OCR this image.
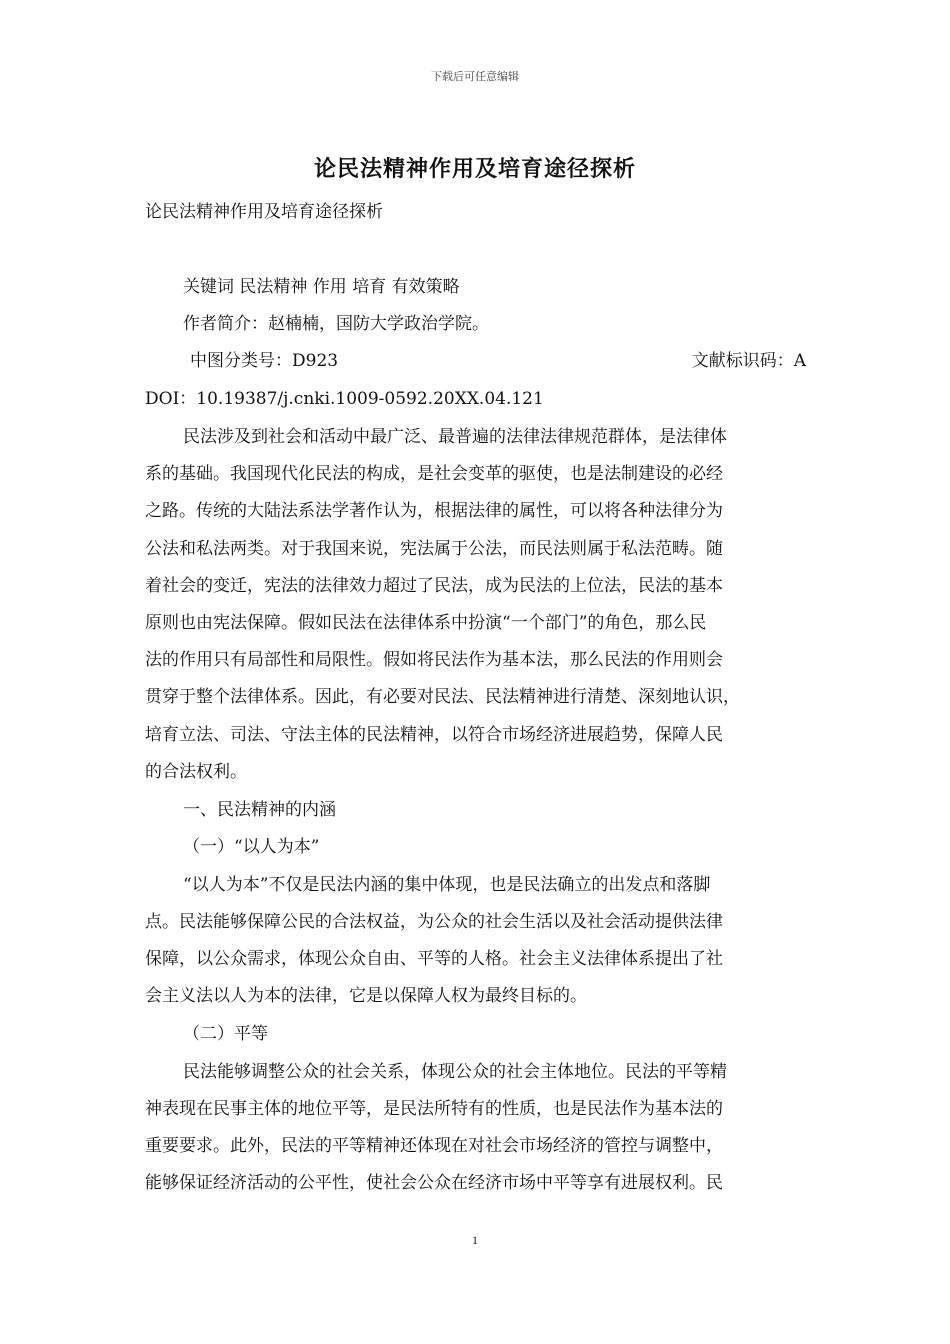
下载后可任意编辑
论民法精神作用及培育途径探析
论民法精神作用及培育途径探析
关键词 民法精神 作用 培育 有效策略
作者简介：赵楠楠，国防大学政治学院。
中图分类号：D923	文献标识码：A
DOI：10.19387/j.cnki.1009-0592.20XX.04.121
民法涉及到社会和活动中最广泛、最普遍的法律法律规范群体，是法律体
系的基础。我国现代化民法的构成，是社会变革的驱使，也是法制建设的必经
之路。传统的大陆法系法学著作认为，根据法律的属性，可以将各种法律分为
公法和私法两类。对于我国来说，宪法属于公法，而民法则属于私法范畴。随
着社会的变迁，宪法的法律效力超过了民法，成为民法的上位法，民法的基本
原则也由宪法保障。假如民法在法律体系中扮演“一个部门”的角色，那么民
法的作用只有局部性和局限性。假如将民法作为基本法，那么民法的作用则会
贯穿于整个法律体系。因此，有必要对民法、民法精神进行清楚、深刻地认识，
培育立法、司法、守法主体的民法精神，以符合市场经济进展趋势，保障人民
的合法权利。
一、民法精神的内涵
（一）“以人为本”
“以人为本”不仅是民法内涵的集中体现，也是民法确立的出发点和落脚
点。民法能够保障公民的合法权益，为公众的社会生活以及社会活动提供法律
保障，以公众需求，体现公众自由、平等的人格。社会主义法律体系提出了社
会主义法以人为本的法律，它是以保障人权为最终目标的。
（二）平等
民法能够调整公众的社会关系，体现公众的社会主体地位。民法的平等精
神表现在民事主体的地位平等，是民法所特有的性质，也是民法作为基本法的
重要要求。此外，民法的平等精神还体现在对社会市场经济的管控与调整中，
能够保证经济活动的公平性，使社会公众在经济市场中平等享有进展权利。民
1
